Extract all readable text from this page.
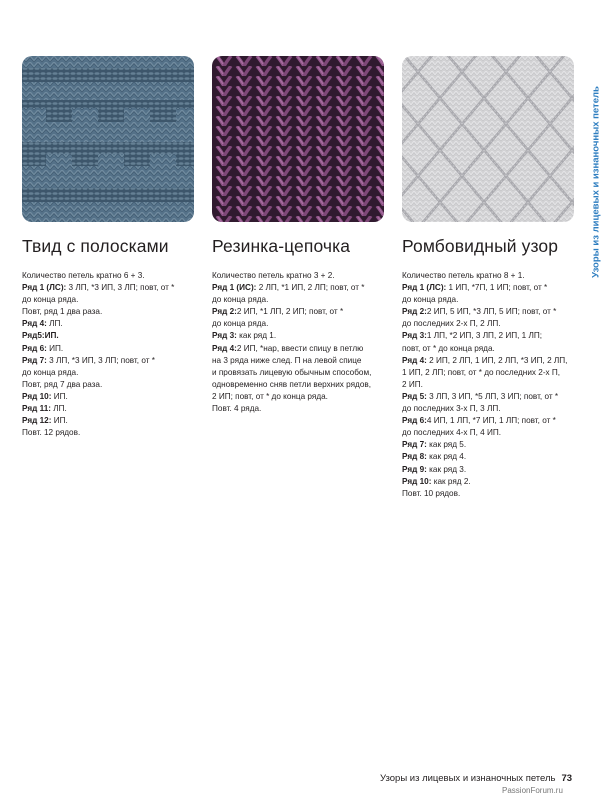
Твид с полосками Резинка-цепочка	Ромбовидный узор

Количество петель кратно 6 + 3.

Ряд 1 (ЛС): 3 ЛП, *3 ИП, 3 ЛП; повт, от *

до конца ряда.

Повт, ряд 1 два раза.

Ряд 4: ЛП.

Ряд5:ИП.

Ряд 6: ИП.

Ряд 7: 3 ЛП, *3 ИП, 3 ЛП; повт, от *

до конца ряда.

Повт, ряд 7 два раза.

Ряд 10: ИП.

Ряд 11: ЛП.

Ряд 12: ИП.

Повт. 12 рядов.

Количество петель кратно 3 + 2.

Ряд 1 (ИС): 2 ЛП, *1 ИП, 2 ЛП; повт, от *

до конца ряда.

Ряд 2:2 ИП, *1 ЛП, 2 ИП; повт, от *

до конца ряда.

Ряд 3: как ряд 1.

Ряд 4:2 ИП, *нар, ввести спицу в петлю

на 3 ряда ниже след. П на левой спице

и провязать лицевую обычным способом,

одновременно сняв петли верхних рядов,

2 ИП; повт, от * до конца ряда.

Повт. 4 ряда.

Количество петель кратно 8 + 1.

Ряд 1 (ЛС): 1 ИП, *7П, 1 ИП; повт, от *

до конца ряда.

Ряд 2:2 ИП, 5 ИП, *3 ЛП, 5 ИП; повт, от *

до последних 2-х П, 2 ЛП.

Ряд 3:1 ЛП, *2 ИП, 3 ЛП, 2 ИП, 1 ЛП;

повт, от * до конца ряда.

Ряд 4: 2 ИП, 2 ЛП, 1 ИП, 2 ЛП, *3 ИП, 2 ЛП,

1 ИП, 2 ЛП; повт, от * до последних 2-х П,

2 ИП.

Ряд 5: 3 ЛП, 3 ИП, *5 ЛП, 3 ИП; повт, от *

до последних 3-х П, 3 ЛП.

Ряд 6:4 ИП, 1 ЛП, *7 ИП, 1 ЛП; повт, от *

до последних 4-х П, 4 ИП.

Ряд 7: как ряд 5.

Ряд 8: как ряд 4.

Ряд 9: как ряд 3.

Ряд 10: как ряд 2.

Повт. 10 рядов.

Узоры из лицевых и изнаночных петель
Узоры из лицевых и изнаночных петель 73
PassionForum.ru
